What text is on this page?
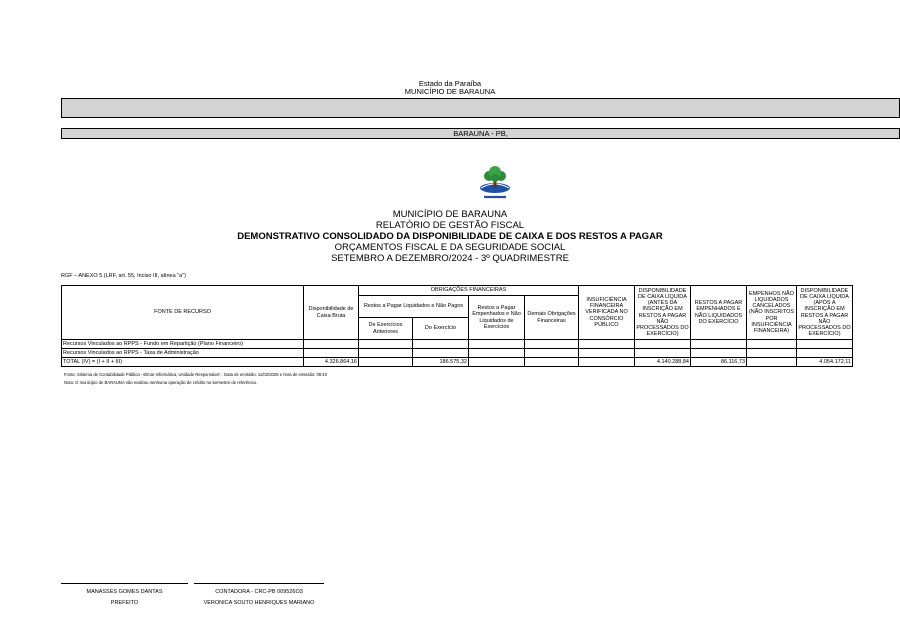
Estado da Paraíba
MUNICÍPIO DE BARAUNA
BARAUNA - PB,
MUNICÍPIO DE BARAUNA
RELATÓRIO DE GESTÃO FISCAL
DEMONSTRATIVO CONSOLIDADO DA DISPONIBILIDADE DE CAIXA E DOS RESTOS A PAGAR
ORÇAMENTOS FISCAL E DA SEGURIDADE SOCIAL
SETEMBRO A DEZEMBRO/2024 - 3º QUADRIMESTRE
RGF – ANEXO 5 (LRF, art. 55, Inciso III, alínea "a")
FONTE DE RECURSO	Disponibilidade de Caixa Bruta	OBRIGAÇÕES FINANCEIRAS				INSUFICIÊNCIA FINANCEIRA VERIFICADA NO CONSÓRCIO PÚBLICO	DISPONIBILIDADE DE CAIXA LÍQUIDA (ANTES DA INSCRIÇÃO EM RESTOS A PAGAR NÃO PROCESSADOS DO EXERCÍCIO)	RESTOS A PAGAR EMPENHADOS E NÃO LIQUIDADOS DO EXERCÍCIO	EMPENHOS NÃO LIQUIDADOS CANCELADOS (NÃO INSCRITOS POR INSUFICIÊNCIA FINANCEIRA)	DISPONIBILIDADE DE CAIXA LÍQUIDA (APÓS A INSCRIÇÃO EM RESTOS A PAGAR NÃO PROCESSADOS DO EXERCÍCIO)
		Restos a Pagar Liquidados e Não Pagos		Restos a Pagar Empenhados e Não Liquidados de Exercícios	Demais Obrigações Financeiras					
		De Exercícios Anteriores	Do Exercício							
Recursos Vinculados ao RPPS - Fundo em Repartição (Plano Financeiro)										
Recursos Vinculados ao RPPS - Taxa de Administração										
TOTAL (IV) = (I + II + III)	4.326.864,16		186.575,32				4.140.288,84	86.116,73		4.054.172,11
Fonte: Sistema de Contabilidade Pública - Elmar Informática, Unidade Responsável: . Data de emissão: 11/02/2025 e hora de emissão: 09:43
Nota: O município de BARAUNA não realizou nenhuma operação de crédito no Semestre de referência.
MANASSES GOMES DANTAS
PREFEITO
CONTADORA - CRC-PB 009526O3
VERONICA SOUTO HENRIQUES MARIANO
